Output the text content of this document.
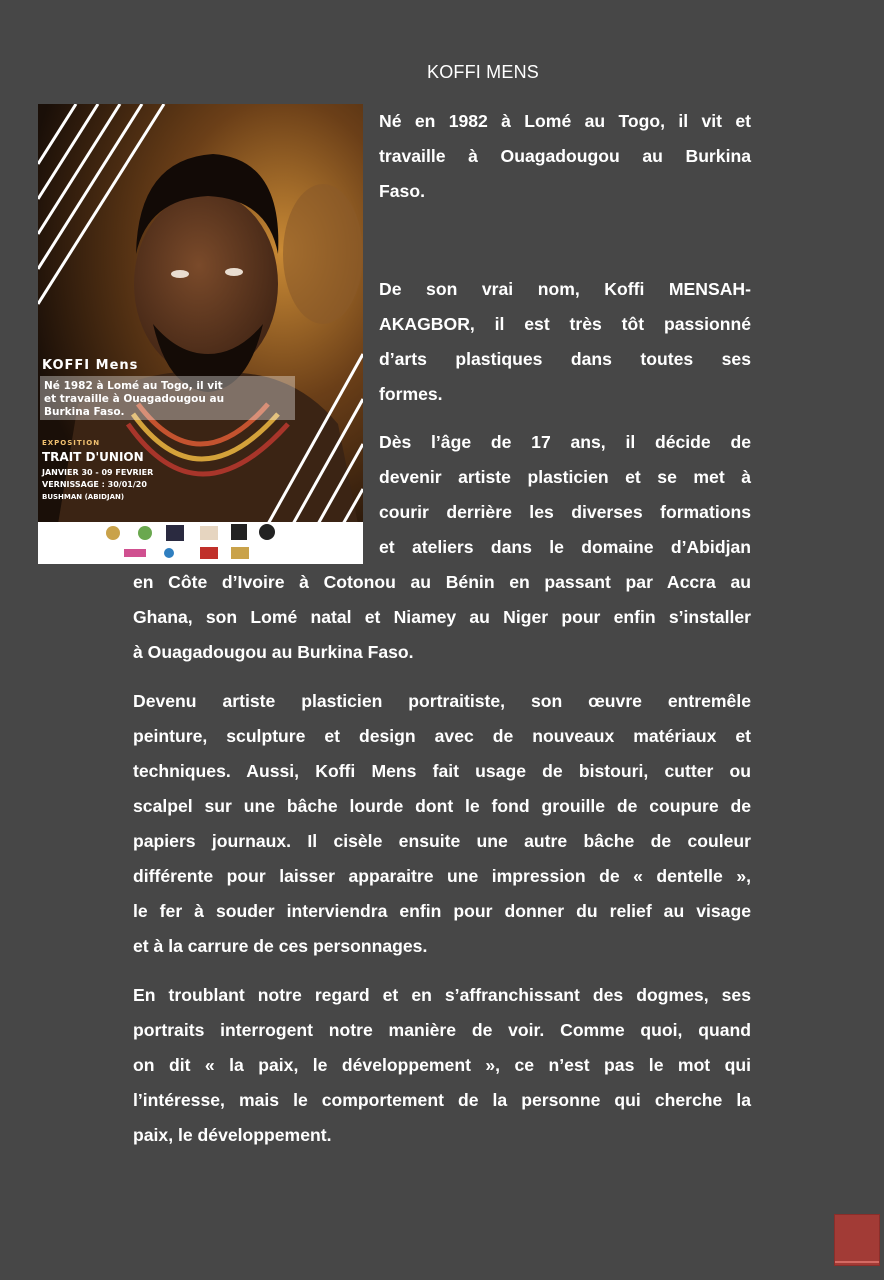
KOFFI MENS
KOFFI Mens
Né 1982 à Lomé au Togo, il vit
et travaille à Ouagadougou au
Burkina Faso.
EXPOSITION
TRAIT D'UNION
JANVIER 30 - 09 FEVRIER
VERNISSAGE : 30/01/20
BUSHMAN (ABIDJAN)

Né en 1982 à Lomé au Togo, il vit et
travaille à Ouagadougou au Burkina
Faso.

De son vrai nom, Koffi MENSAH-
AKAGBOR, il est très tôt passionné
d’arts plastiques dans toutes ses
formes.

Dès l’âge de 17 ans, il décide de
devenir artiste plasticien et se met à
courir derrière les diverses formations
et ateliers dans le domaine d’Abidjan

en Côte d’Ivoire à Cotonou au Bénin en passant par Accra au
Ghana, son Lomé natal et Niamey au Niger pour enfin s’installer
à Ouagadougou au Burkina Faso.

Devenu artiste plasticien portraitiste, son œuvre entremêle
peinture, sculpture et design avec de nouveaux matériaux et
techniques. Aussi, Koffi Mens fait usage de bistouri, cutter ou
scalpel sur une bâche lourde dont le fond grouille de coupure de
papiers journaux. Il cisèle ensuite une autre bâche de couleur
différente pour laisser apparaitre une impression de « dentelle »,
le fer à souder interviendra enfin pour donner du relief au visage
et à la carrure de ces personnages.

En troublant notre regard et en s’affranchissant des dogmes, ses
portraits interrogent notre manière de voir. Comme quoi, quand
on dit « la paix, le développement », ce n’est pas le mot qui
l’intéresse, mais le comportement de la personne qui cherche la
paix, le développement.
